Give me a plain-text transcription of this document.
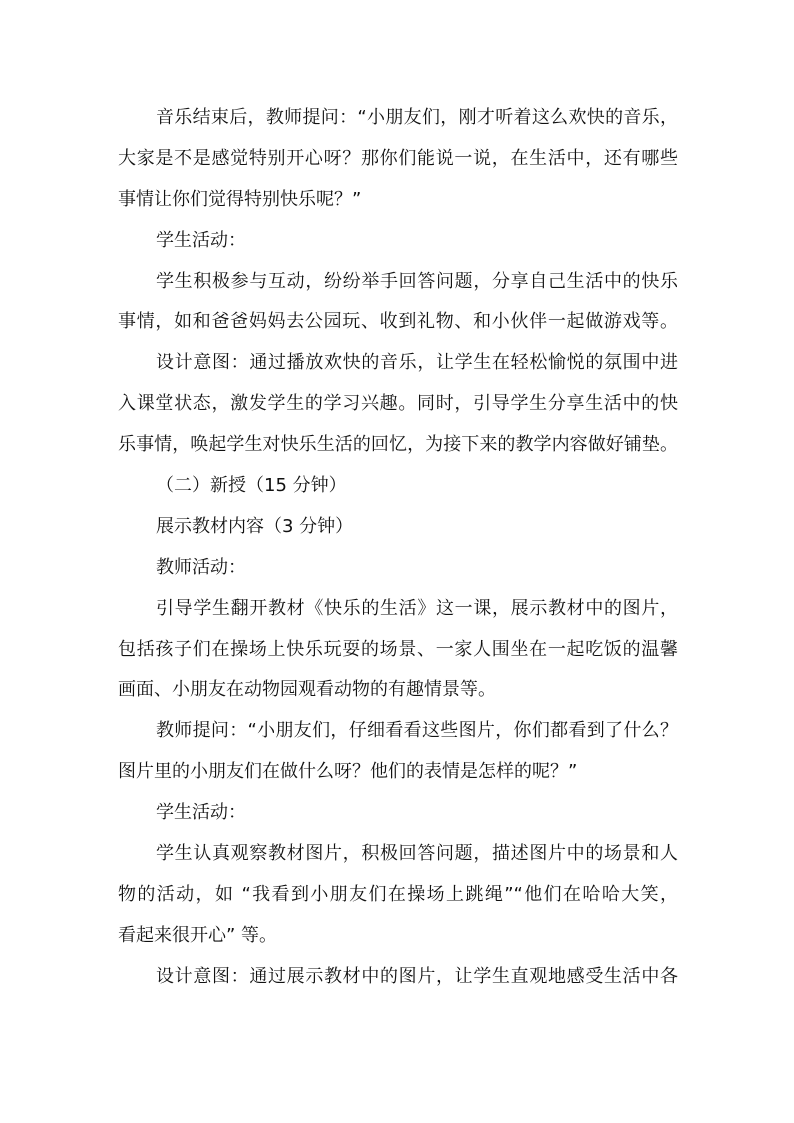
音乐结束后，教师提问：“小朋友们，刚才听着这么欢快的音乐，
大家是不是感觉特别开心呀？那你们能说一说，在生活中，还有哪些
事情让你们觉得特别快乐呢？”
学生活动：
学生积极参与互动，纷纷举手回答问题，分享自己生活中的快乐
事情，如和爸爸妈妈去公园玩、收到礼物、和小伙伴一起做游戏等。
设计意图：通过播放欢快的音乐，让学生在轻松愉悦的氛围中进
入课堂状态，激发学生的学习兴趣。同时，引导学生分享生活中的快
乐事情，唤起学生对快乐生活的回忆，为接下来的教学内容做好铺垫。
（二）新授（15 分钟）
展示教材内容（3 分钟）
教师活动：
引导学生翻开教材《快乐的生活》这一课，展示教材中的图片，
包括孩子们在操场上快乐玩耍的场景、一家人围坐在一起吃饭的温馨
画面、小朋友在动物园观看动物的有趣情景等。
教师提问：“小朋友们，仔细看看这些图片，你们都看到了什么？
图片里的小朋友们在做什么呀？他们的表情是怎样的呢？”
学生活动：
学生认真观察教材图片，积极回答问题，描述图片中的场景和人
物的活动，如 “我看到小朋友们在操场上跳绳”“他们在哈哈大笑，
看起来很开心” 等。
设计意图：通过展示教材中的图片，让学生直观地感受生活中各
